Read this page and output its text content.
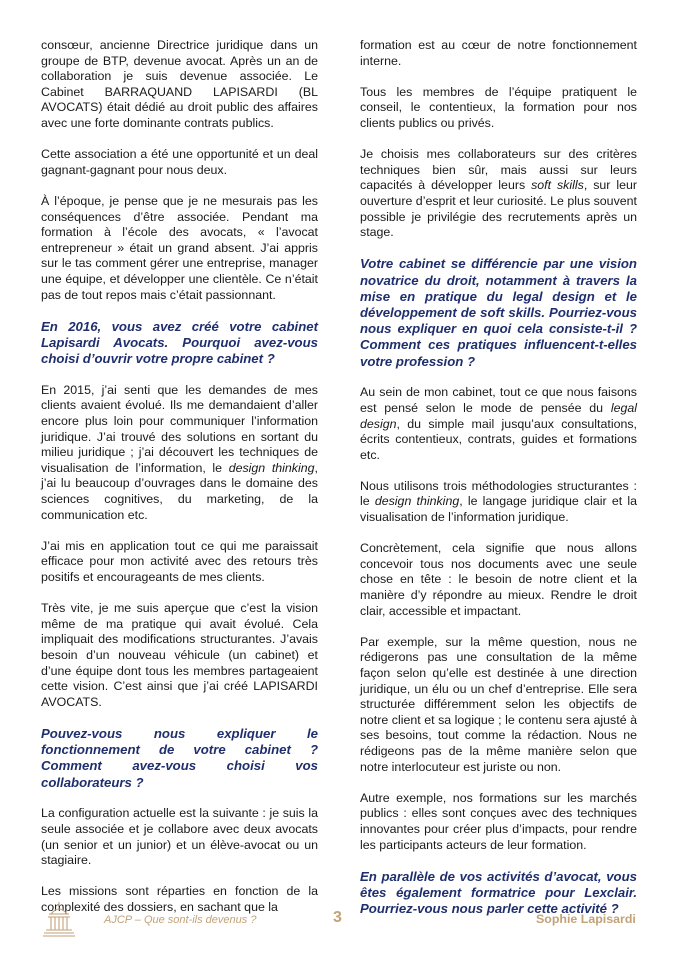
consœur, ancienne Directrice juridique dans un groupe de BTP, devenue avocat. Après un an de collaboration je suis devenue associée. Le Cabinet BARRAQUAND LAPISARDI (BL AVOCATS) était dédié au droit public des affaires avec une forte dominante contrats publics.

Cette association a été une opportunité et un deal gagnant-gagnant pour nous deux.

À l’époque, je pense que je ne mesurais pas les conséquences d’être associée. Pendant ma formation à l’école des avocats, « l’avocat entrepreneur » était un grand absent. J’ai appris sur le tas comment gérer une entreprise, manager une équipe, et développer une clientèle. Ce n’était pas de tout repos mais c’était passionnant.

En 2016, vous avez créé votre cabinet Lapisardi Avocats. Pourquoi avez-vous choisi d’ouvrir votre propre cabinet ?

En 2015, j’ai senti que les demandes de mes clients avaient évolué. Ils me demandaient d’aller encore plus loin pour communiquer l’information juridique. J’ai trouvé des solutions en sortant du milieu juridique ; j’ai découvert les techniques de visualisation de l’information, le design thinking, j’ai lu beaucoup d’ouvrages dans le domaine des sciences cognitives, du marketing, de la communication etc.

J’ai mis en application tout ce qui me paraissait efficace pour mon activité avec des retours très positifs et encourageants de mes clients.

Très vite, je me suis aperçue que c’est la vision même de ma pratique qui avait évolué. Cela impliquait des modifications structurantes. J’avais besoin d’un nouveau véhicule (un cabinet) et d’une équipe dont tous les membres partageaient cette vision. C’est ainsi que j’ai créé LAPISARDI AVOCATS.

Pouvez-vous nous expliquer le fonctionnement de votre cabinet ? Comment avez-vous choisi vos collaborateurs ?

La configuration actuelle est la suivante : je suis la seule associée et je collabore avec deux avocats (un senior et un junior) et un élève-avocat ou un stagiaire.

Les missions sont réparties en fonction de la complexité des dossiers, en sachant que la

formation est au cœur de notre fonctionnement interne.

Tous les membres de l’équipe pratiquent le conseil, le contentieux, la formation pour nos clients publics ou privés.

Je choisis mes collaborateurs sur des critères techniques bien sûr, mais aussi sur leurs capacités à développer leurs soft skills, sur leur ouverture d’esprit et leur curiosité. Le plus souvent possible je privilégie des recrutements après un stage.

Votre cabinet se différencie par une vision novatrice du droit, notamment à travers la mise en pratique du legal design et le développement de soft skills. Pourriez-vous nous expliquer en quoi cela consiste-t-il ? Comment ces pratiques influencent-t-elles votre profession ?

Au sein de mon cabinet, tout ce que nous faisons est pensé selon le mode de pensée du legal design, du simple mail jusqu’aux consultations, écrits contentieux, contrats, guides et formations etc.

Nous utilisons trois méthodologies structurantes : le design thinking, le langage juridique clair et la visualisation de l’information juridique.

Concrètement, cela signifie que nous allons concevoir tous nos documents avec une seule chose en tête : le besoin de notre client et la manière d’y répondre au mieux. Rendre le droit clair, accessible et impactant.

Par exemple, sur la même question, nous ne rédigerons pas une consultation de la même façon selon qu’elle est destinée à une direction juridique, un élu ou un chef d’entreprise. Elle sera structurée différemment selon les objectifs de notre client et sa logique ; le contenu sera ajusté à ses besoins, tout comme la rédaction. Nous ne rédigeons pas de la même manière selon que notre interlocuteur est juriste ou non.

Autre exemple, nos formations sur les marchés publics : elles sont conçues avec des techniques innovantes pour créer plus d’impacts, pour rendre les participants acteurs de leur formation.

En parallèle de vos activités d’avocat, vous êtes également formatrice pour Lexclair. Pourriez-vous nous parler cette activité ?

AJCP – Que sont-ils devenus ?	3	Sophie Lapisardi
